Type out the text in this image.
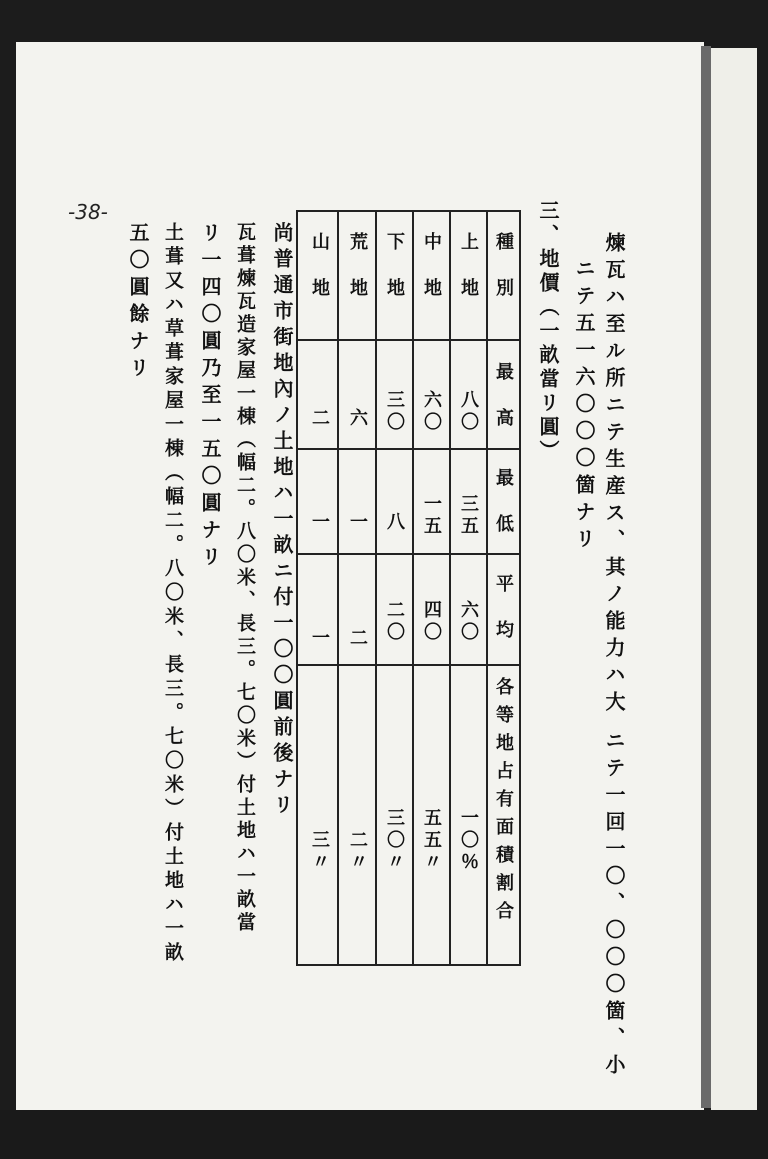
-38-
煉瓦ハ至ル所ニテ生産ス、其ノ能力ハ大
ニテ一回一〇、〇〇〇箇、小
ニテ五一六〇〇〇箇ナリ
三、地價（一畝當リ圓）
種別
最高
最低
平均
各等地占有面積割合
上地
八〇
三五
六〇
一〇％
中地
六〇
一五
四〇
五五〃
下地
三〇
八
二〇
三〇〃
荒地
六
一
二
二〃
山地
二
一
一
三〃
尚普通市街地內ノ土地ハ一畝ニ付一〇〇圓前後ナリ
瓦葺煉瓦造家屋一棟（幅二。八〇米、長三。七〇米）付土地ハ一畝當
リ一四〇圓乃至一五〇圓ナリ
土葺又ハ草葺家屋一棟（幅二。八〇米、長三。七〇米）付土地ハ一畝
五〇圓餘ナリ
